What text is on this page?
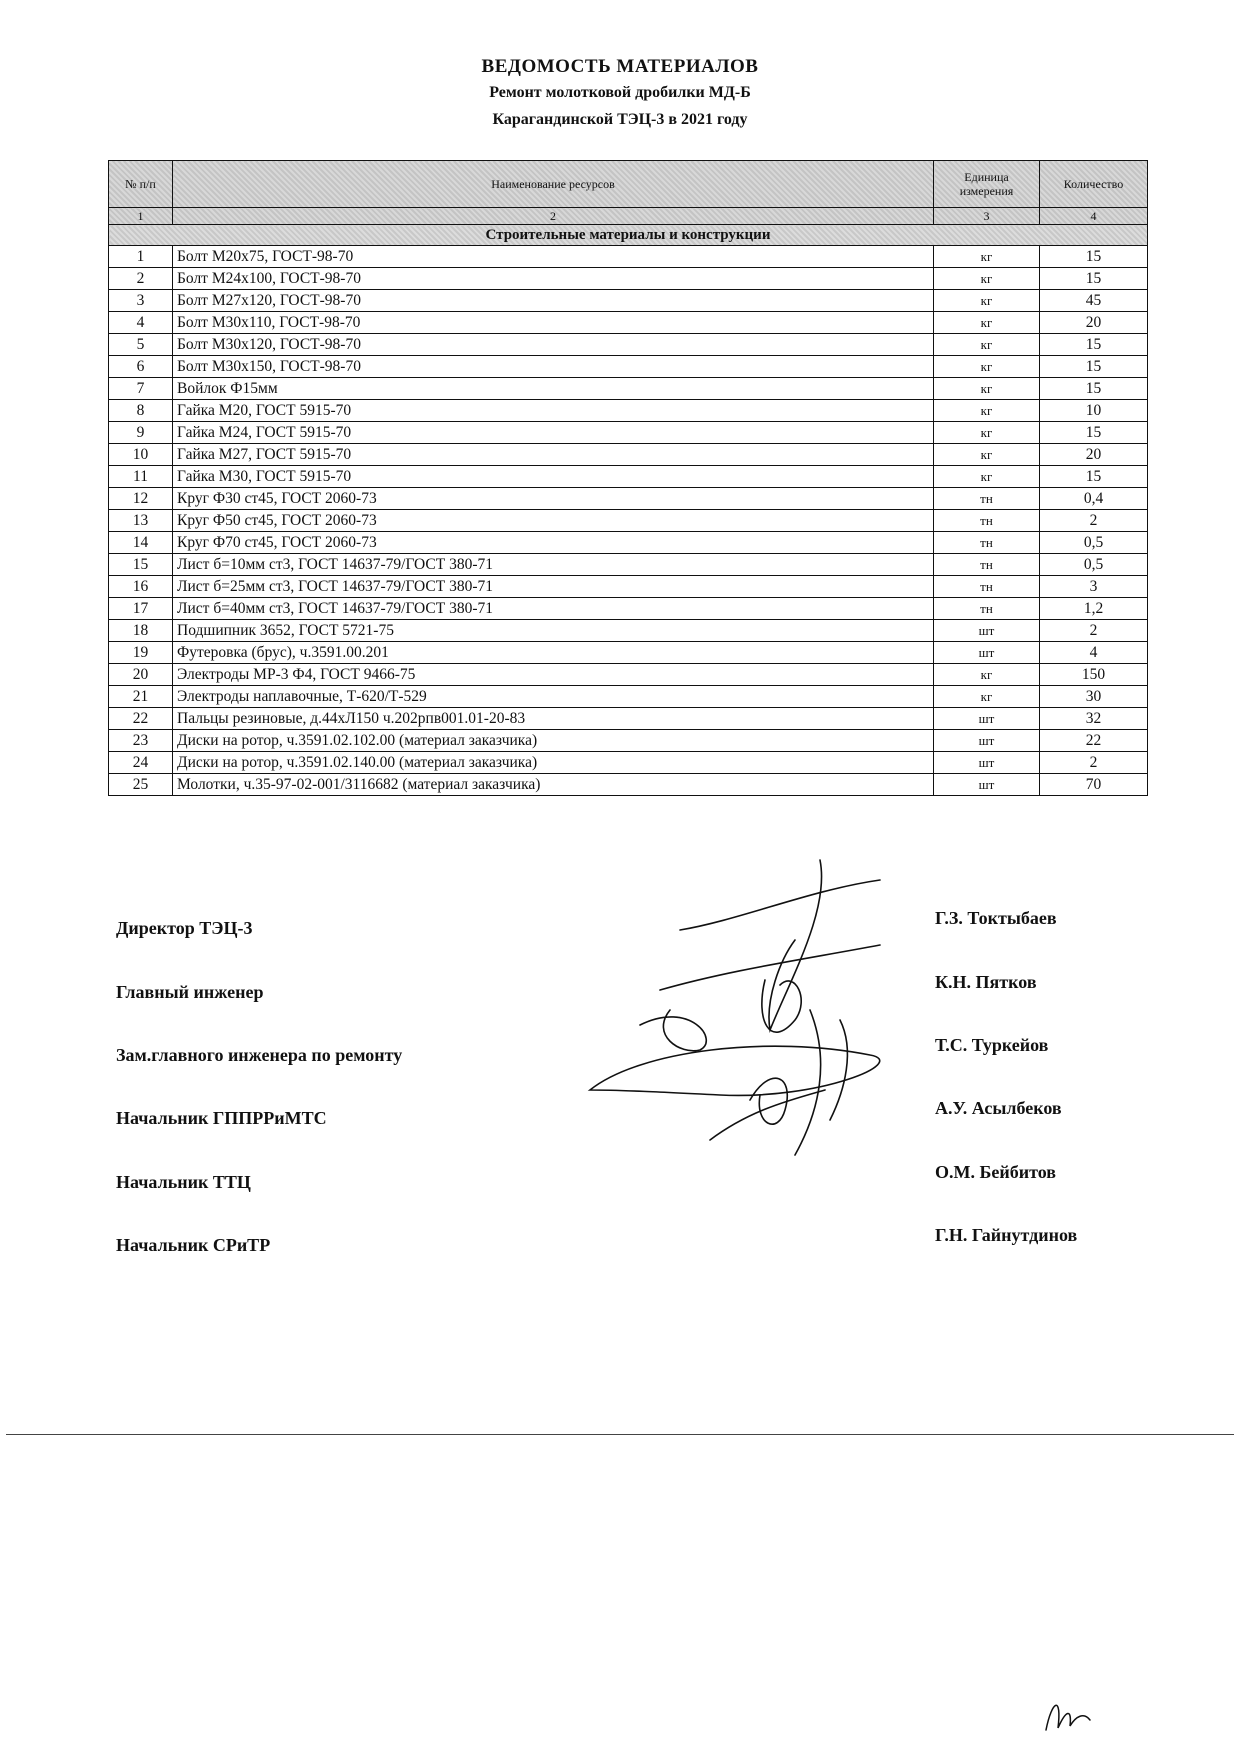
ВЕДОМОСТЬ МАТЕРИАЛОВ
Ремонт молотковой дробилки МД-Б
Карагандинской ТЭЦ-3 в 2021 году
№ п/п	Наименование ресурсов	Единица измерения	Количество
1	2	3	4
Строительные материалы и конструкции			
1	Болт М20х75, ГОСТ-98-70	кг	15
2	Болт М24х100, ГОСТ-98-70	кг	15
3	Болт М27х120, ГОСТ-98-70	кг	45
4	Болт М30х110, ГОСТ-98-70	кг	20
5	Болт М30х120, ГОСТ-98-70	кг	15
6	Болт М30х150, ГОСТ-98-70	кг	15
7	Войлок Ф15мм	кг	15
8	Гайка М20, ГОСТ 5915-70	кг	10
9	Гайка М24, ГОСТ 5915-70	кг	15
10	Гайка М27, ГОСТ 5915-70	кг	20
11	Гайка М30, ГОСТ 5915-70	кг	15
12	Круг Ф30 ст45, ГОСТ 2060-73	тн	0,4
13	Круг Ф50 ст45, ГОСТ 2060-73	тн	2
14	Круг Ф70 ст45, ГОСТ 2060-73	тн	0,5
15	Лист б=10мм ст3, ГОСТ 14637-79/ГОСТ 380-71	тн	0,5
16	Лист б=25мм ст3, ГОСТ 14637-79/ГОСТ 380-71	тн	3
17	Лист б=40мм ст3, ГОСТ 14637-79/ГОСТ 380-71	тн	1,2
18	Подшипник 3652, ГОСТ 5721-75	шт	2
19	Футеровка (брус), ч.3591.00.201	шт	4
20	Электроды МР-3 Ф4, ГОСТ 9466-75	кг	150
21	Электроды наплавочные, Т-620/Т-529	кг	30
22	Пальцы резиновые, д.44хЛ150 ч.202рпв001.01-20-83	шт	32
23	Диски на ротор, ч.3591.02.102.00 (материал заказчика)	шт	22
24	Диски на ротор, ч.3591.02.140.00 (материал заказчика)	шт	2
25	Молотки, ч.35-97-02-001/3116682 (материал заказчика)	шт	70
Директор ТЭЦ-3	Г.З. Токтыбаев
Главный инженер	К.Н. Пятков
Зам.главного инженера по ремонту	Т.С. Туркейов
Начальник ГППРРиМТС	А.У. Асылбеков
Начальник ТТЦ	О.М. Бейбитов
Начальник СРиТР	Г.Н. Гайнутдинов
